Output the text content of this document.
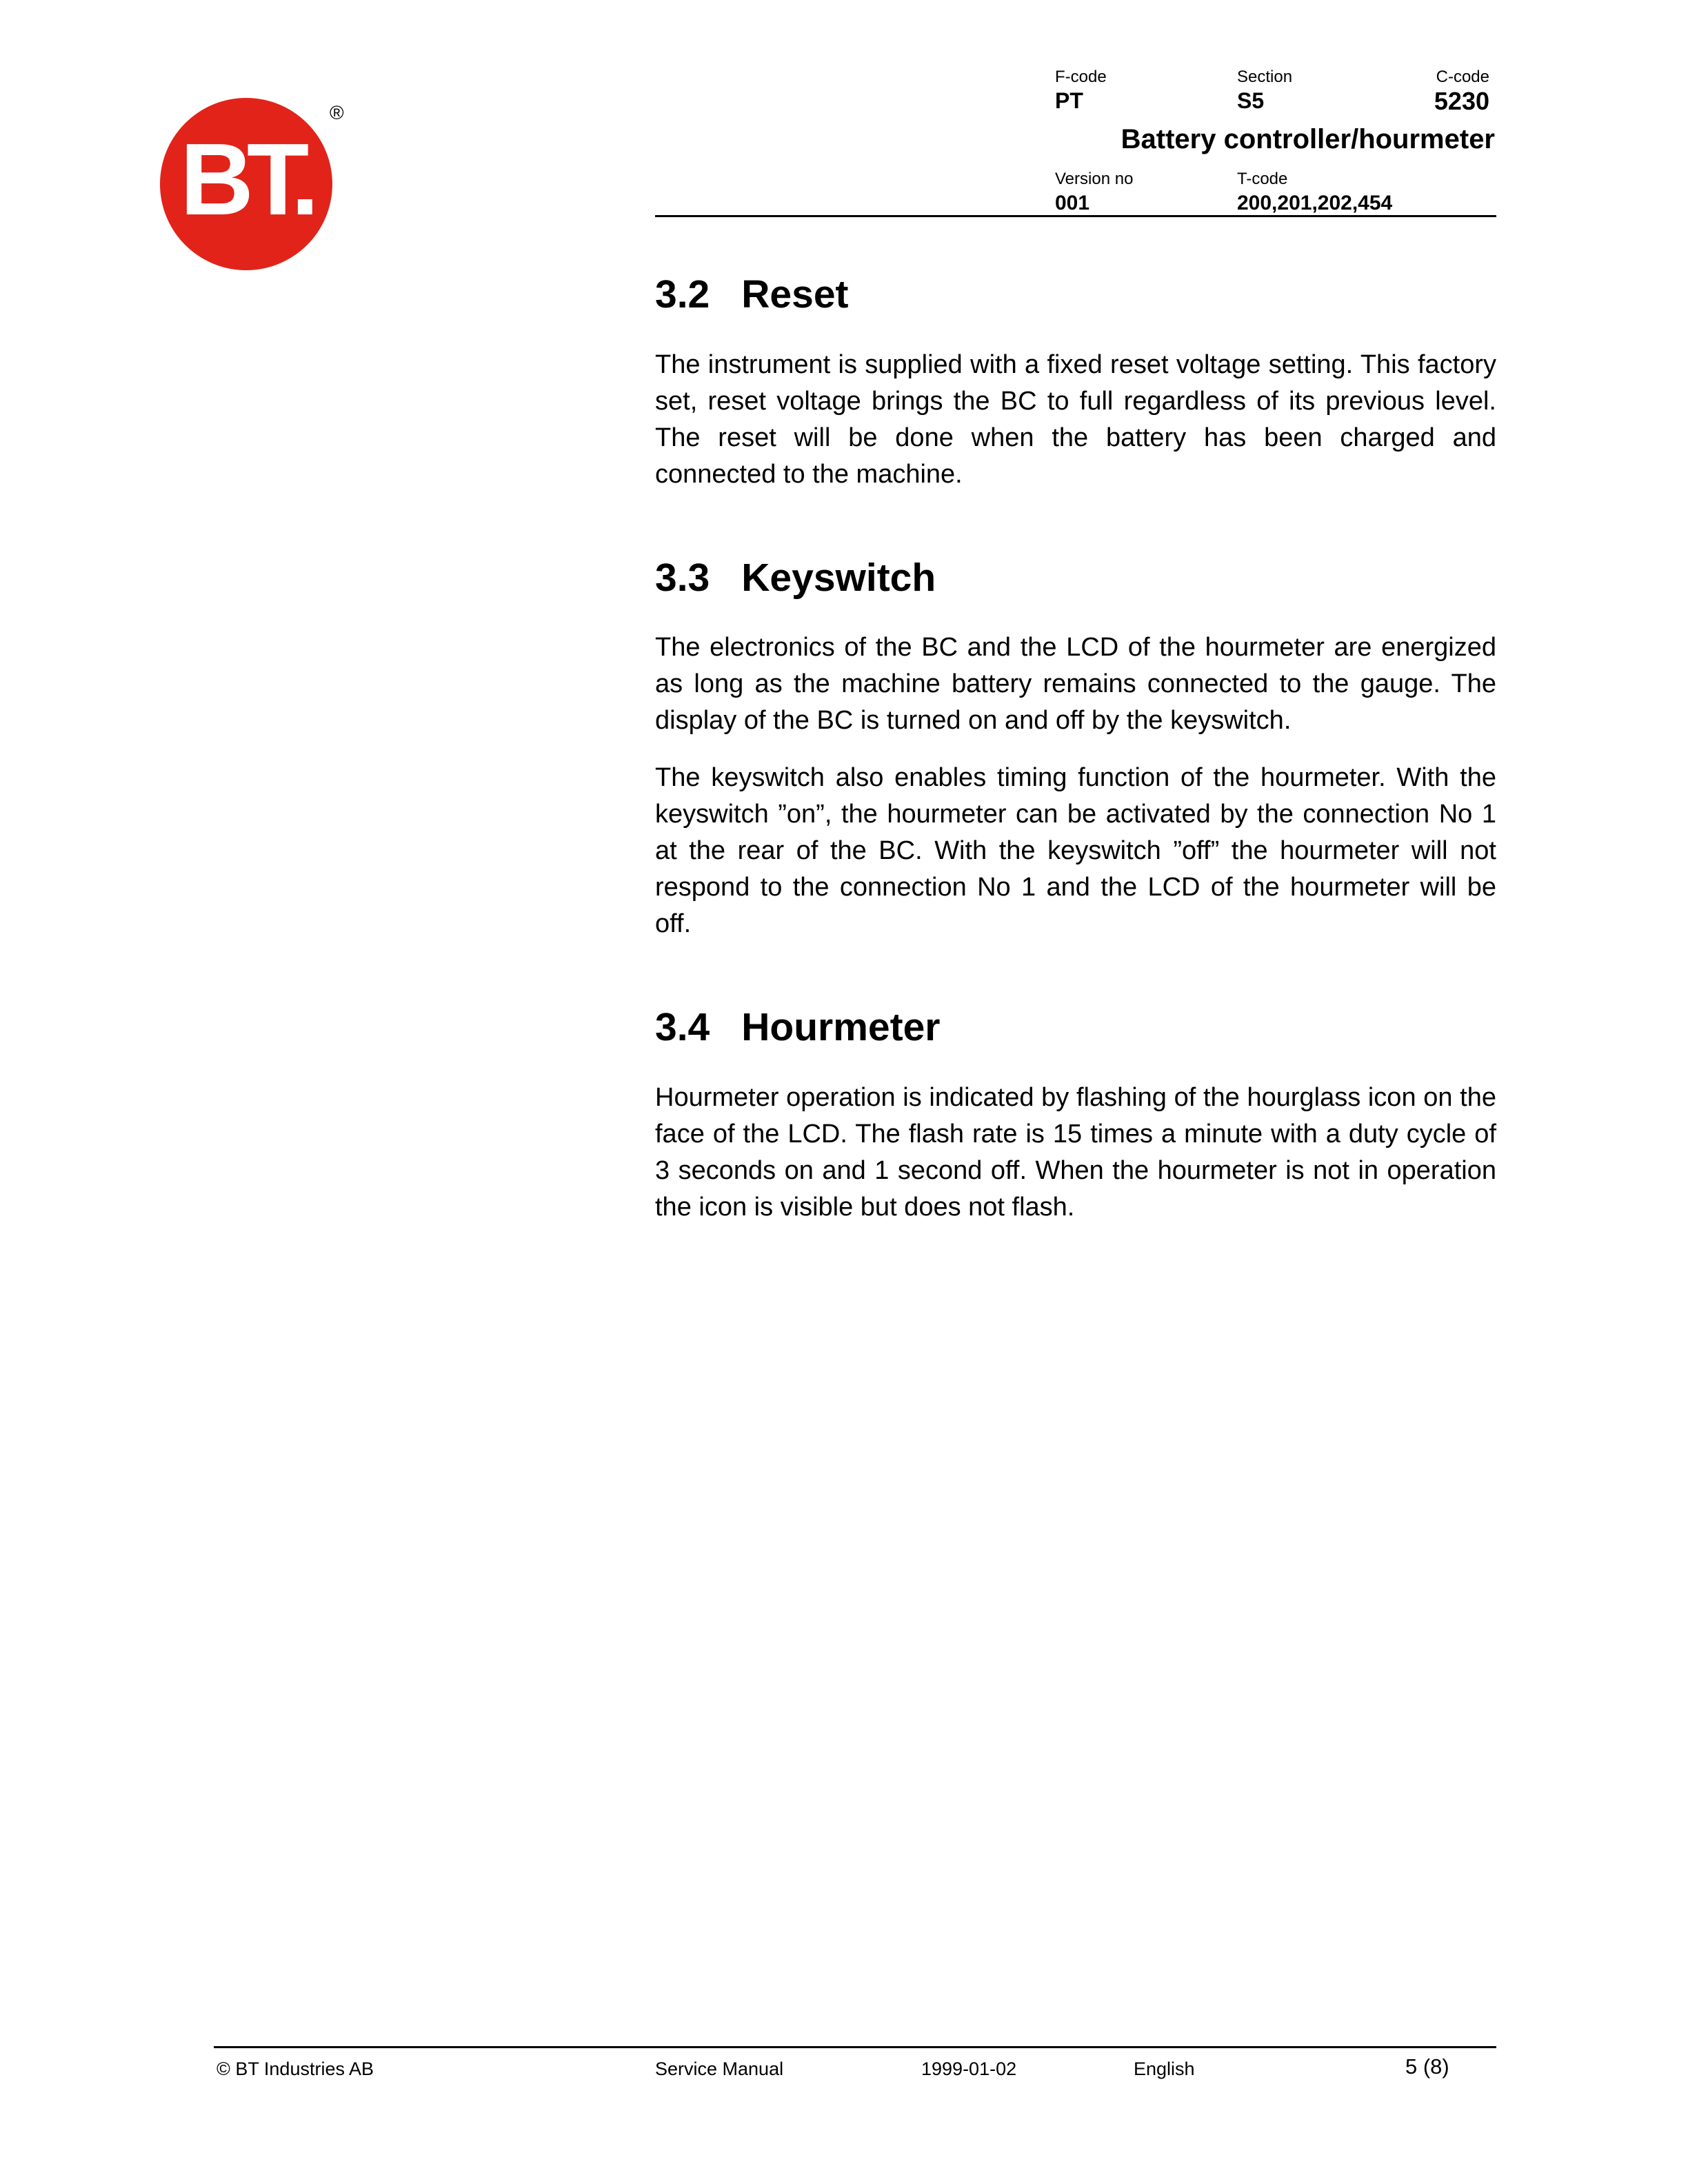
BT.
®
F-code	Section	C-code
PT	S5	5230
Battery controller/hourmeter
Version no	T-code
001	200,201,202,454
3.2 Reset

The instrument is supplied with a fixed reset voltage setting. This factory set, reset voltage brings the BC to full regardless of its previous level. The reset will be done when the battery has been charged and connected to the machine.

3.3 Keyswitch

The electronics of the BC and the LCD of the hourmeter are energized as long as the machine battery remains connected to the gauge. The display of the BC is turned on and off by the keyswitch.

The keyswitch also enables timing function of the hourmeter. With the keyswitch ”on”, the hourmeter can be activated by the connection No 1 at the rear of the BC. With the keyswitch ”off” the hourmeter will not respond to the connection No 1 and the LCD of the hourmeter will be off.

3.4 Hourmeter

Hourmeter operation is indicated by flashing of the hourglass icon on the face of the LCD. The flash rate is 15 times a minute with a duty cycle of 3 seconds on and 1 second off. When the hourmeter is not in operation the icon is visible but does not flash.

© BT Industries AB	Service Manual	1999-01-02	English	5 (8)
